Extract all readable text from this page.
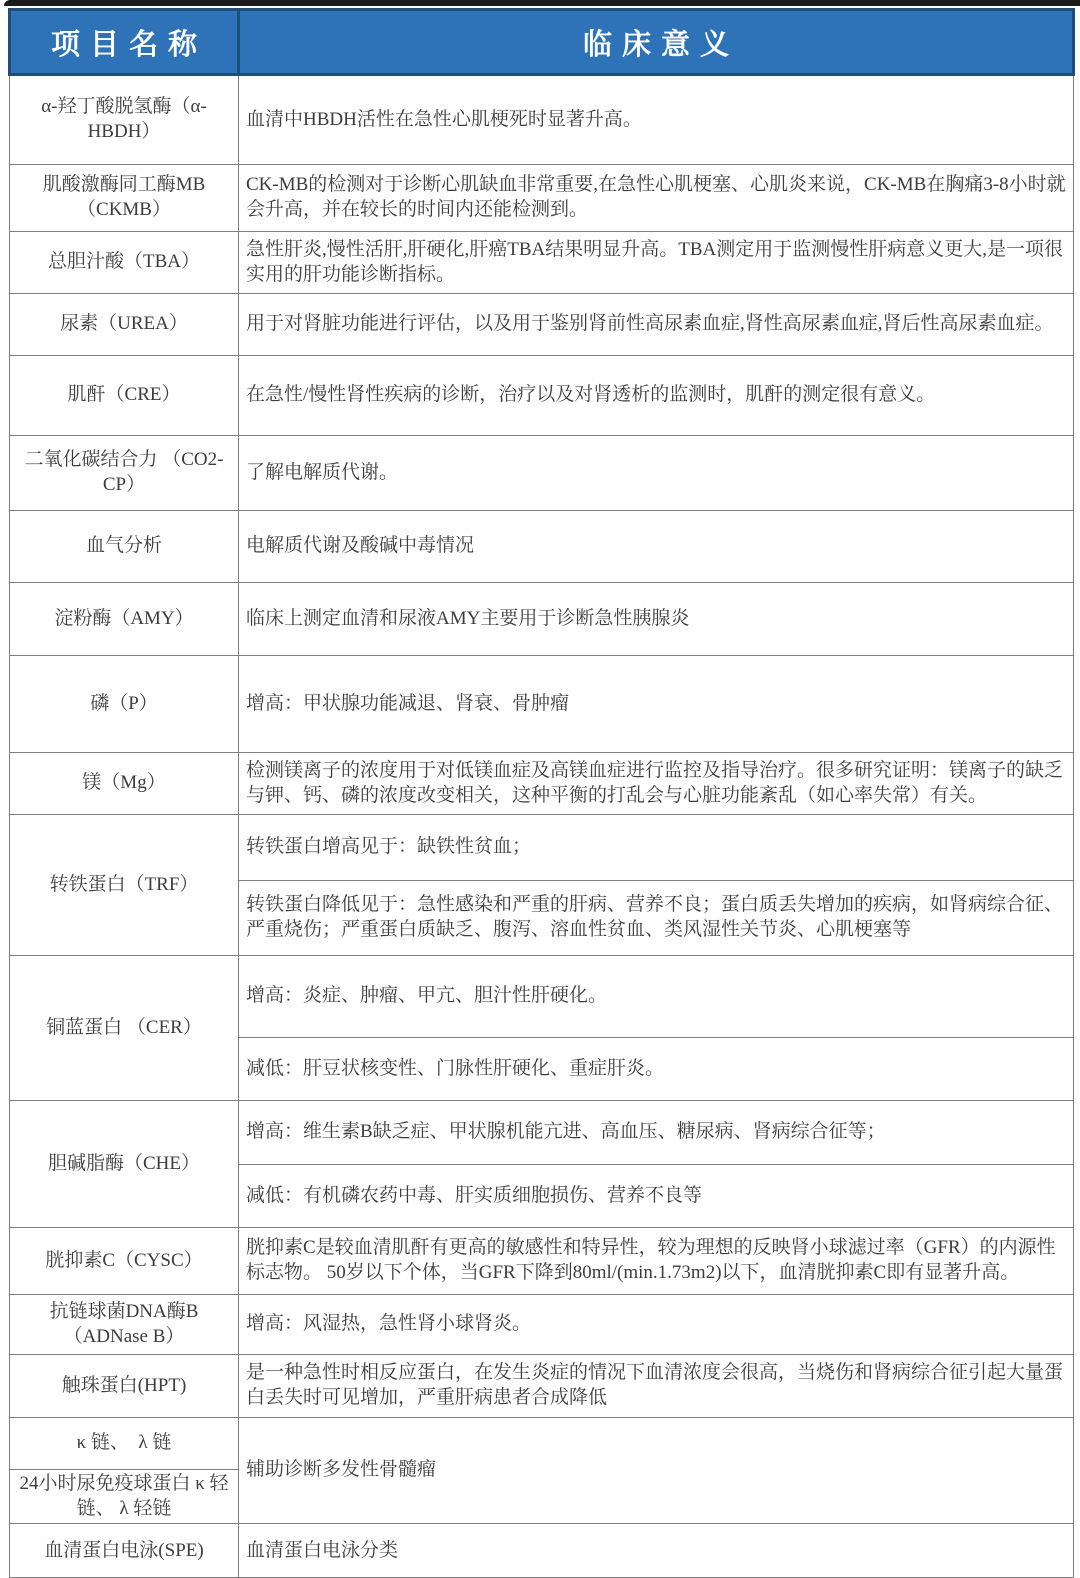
项目名称	临床意义
α-羟丁酸脱氢酶（α-HBDH）	血清中HBDH活性在急性心肌梗死时显著升高。
肌酸激酶同工酶MB（CKMB）	CK-MB的检测对于诊断心肌缺血非常重要,在急性心肌梗塞、心肌炎来说，CK-MB在胸痛3-8小时就会升高，并在较长的时间内还能检测到。
总胆汁酸（TBA）	急性肝炎,慢性活肝,肝硬化,肝癌TBA结果明显升高。TBA测定用于监测慢性肝病意义更大,是一项很实用的肝功能诊断指标。
尿素（UREA）	用于对肾脏功能进行评估，以及用于鉴别肾前性高尿素血症,肾性高尿素血症,肾后性高尿素血症。
肌酐（CRE）	在急性/慢性肾性疾病的诊断，治疗以及对肾透析的监测时，肌酐的测定很有意义。
二氧化碳结合力 （CO2-CP）	了解电解质代谢。
血气分析	电解质代谢及酸碱中毒情况
淀粉酶（AMY）	临床上测定血清和尿液AMY主要用于诊断急性胰腺炎
磷（P）	增高：甲状腺功能减退、肾衰、骨肿瘤
镁（Mg）	检测镁离子的浓度用于对低镁血症及高镁血症进行监控及指导治疗。很多研究证明：镁离子的缺乏与钾、钙、磷的浓度改变相关，这种平衡的打乱会与心脏功能紊乱（如心率失常）有关。
转铁蛋白（TRF）	转铁蛋白增高见于：缺铁性贫血；
	转铁蛋白降低见于：急性感染和严重的肝病、营养不良；蛋白质丢失增加的疾病，如肾病综合征、严重烧伤；严重蛋白质缺乏、腹泻、溶血性贫血、类风湿性关节炎、心肌梗塞等
铜蓝蛋白 （CER）	增高：炎症、肿瘤、甲亢、胆汁性肝硬化。
	减低：肝豆状核变性、门脉性肝硬化、重症肝炎。
胆碱脂酶（CHE）	增高：维生素B缺乏症、甲状腺机能亢进、高血压、糖尿病、肾病综合征等；
	减低：有机磷农药中毒、肝实质细胞损伤、营养不良等
胱抑素C（CYSC）	胱抑素C是较血清肌酐有更高的敏感性和特异性，较为理想的反映肾小球滤过率（GFR）的内源性标志物。 50岁以下个体，当GFR下降到80ml/(min.1.73m2)以下，血清胱抑素C即有显著升高。
抗链球菌DNA酶B（ADNase B）	增高：风湿热，急性肾小球肾炎。
触珠蛋白(HPT)	是一种急性时相反应蛋白，在发生炎症的情况下血清浓度会很高，当烧伤和肾病综合征引起大量蛋白丢失时可见增加，严重肝病患者合成降低
κ 链、　λ 链	辅助诊断多发性骨髓瘤
24小时尿免疫球蛋白 κ 轻链、 λ 轻链	
血清蛋白电泳(SPE)	血清蛋白电泳分类
